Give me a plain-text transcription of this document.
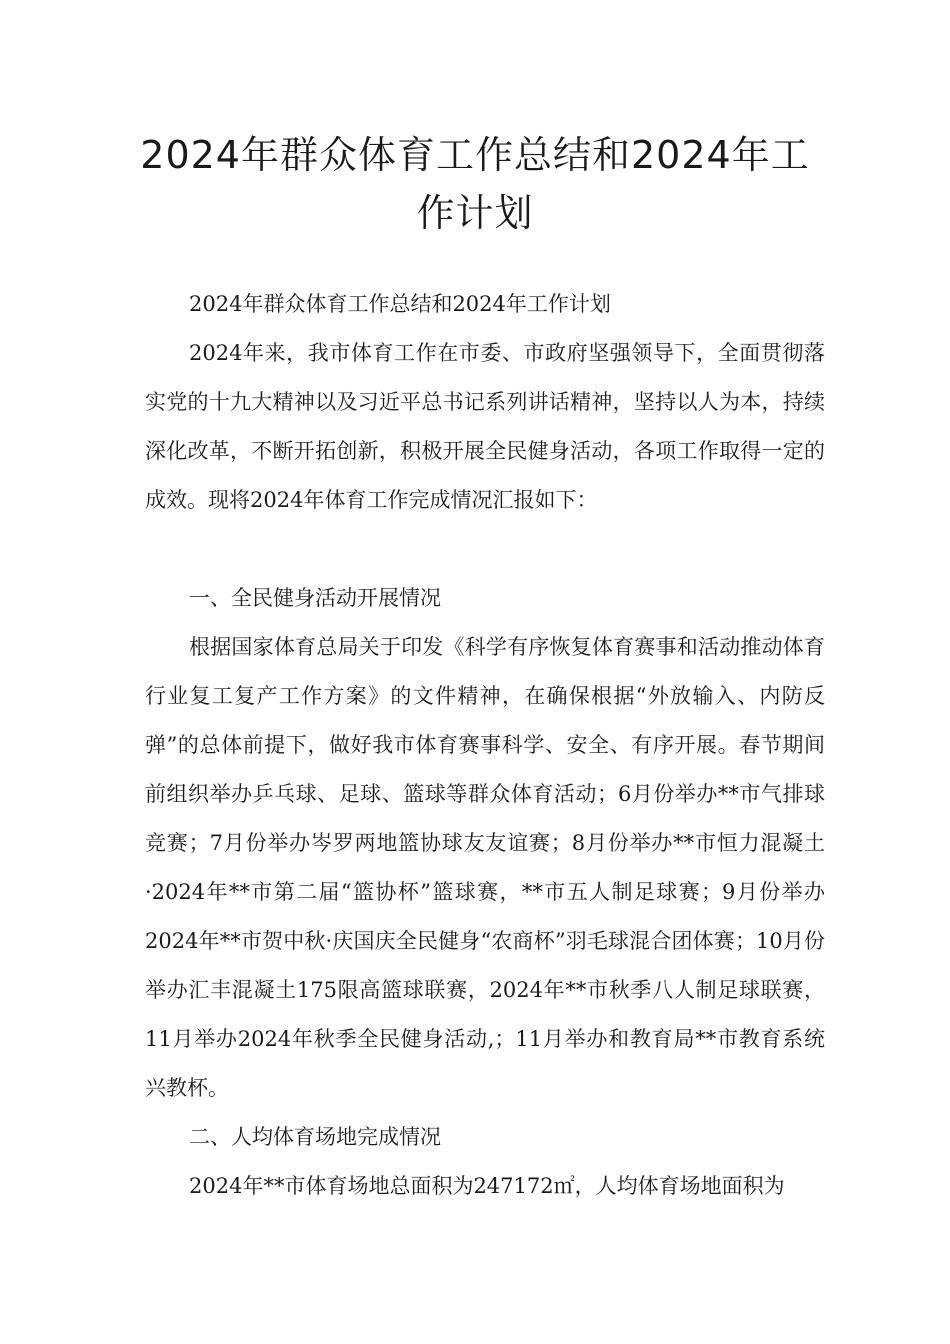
2024年群众体育工作总结和2024年工
作计划

2024年群众体育工作总结和2024年工作计划

2024年来，我市体育工作在市委、市政府坚强领导下，全面贯彻落实党的十九大精神以及习近平总书记系列讲话精神，坚持以人为本，持续深化改革，不断开拓创新，积极开展全民健身活动，各项工作取得一定的成效。现将2024年体育工作完成情况汇报如下：

一、全民健身活动开展情况

根据国家体育总局关于印发《科学有序恢复体育赛事和活动推动体育行业复工复产工作方案》的文件精神，在确保根据“外放输入、内防反弹”的总体前提下，做好我市体育赛事科学、安全、有序开展。春节期间前组织举办乒乓球、足球、篮球等群众体育活动；6月份举办**市气排球竞赛；7月份举办岑罗两地篮协球友友谊赛；8月份举办**市恒力混凝土·2024年**市第二届“篮协杯”篮球赛，**市五人制足球赛；9月份举办2024年**市贺中秋·庆国庆全民健身“农商杯”羽毛球混合团体赛；10月份举办汇丰混凝土175限高篮球联赛，2024年**市秋季八人制足球联赛，11月举办2024年秋季全民健身活动,；11月举办和教育局**市教育系统兴教杯。

二、人均体育场地完成情况

2024年**市体育场地总面积为247172㎡，人均体育场地面积为
